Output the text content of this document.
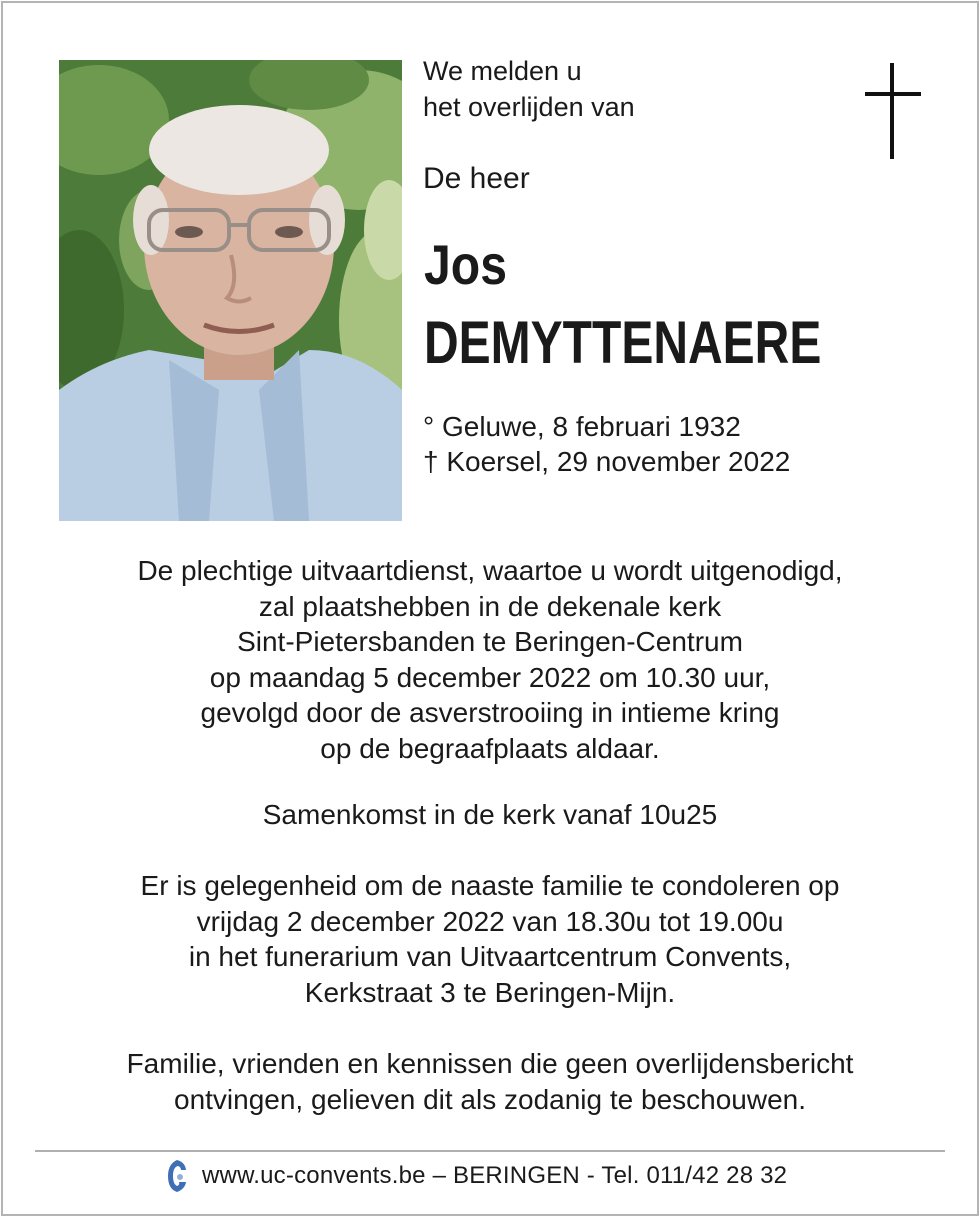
We melden u
het overlijden van
De heer
Jos
DEMYTTENAERE
° Geluwe, 8 februari 1932
† Koersel, 29 november 2022
De plechtige uitvaartdienst, waartoe u wordt uitgenodigd,
zal plaatshebben in de dekenale kerk
Sint-Pietersbanden te Beringen-Centrum
op maandag 5 december 2022 om 10.30 uur,
gevolgd door de asverstrooiing in intieme kring
op de begraafplaats aldaar.
Samenkomst in de kerk vanaf 10u25
Er is gelegenheid om de naaste familie te condoleren op
vrijdag 2 december 2022 van 18.30u tot 19.00u
in het funerarium van Uitvaartcentrum Convents,
Kerkstraat 3 te Beringen-Mijn.
Familie, vrienden en kennissen die geen overlijdensbericht
ontvingen, gelieven dit als zodanig te beschouwen.
www.uc-convents.be – BERINGEN - Tel. 011/42 28 32
